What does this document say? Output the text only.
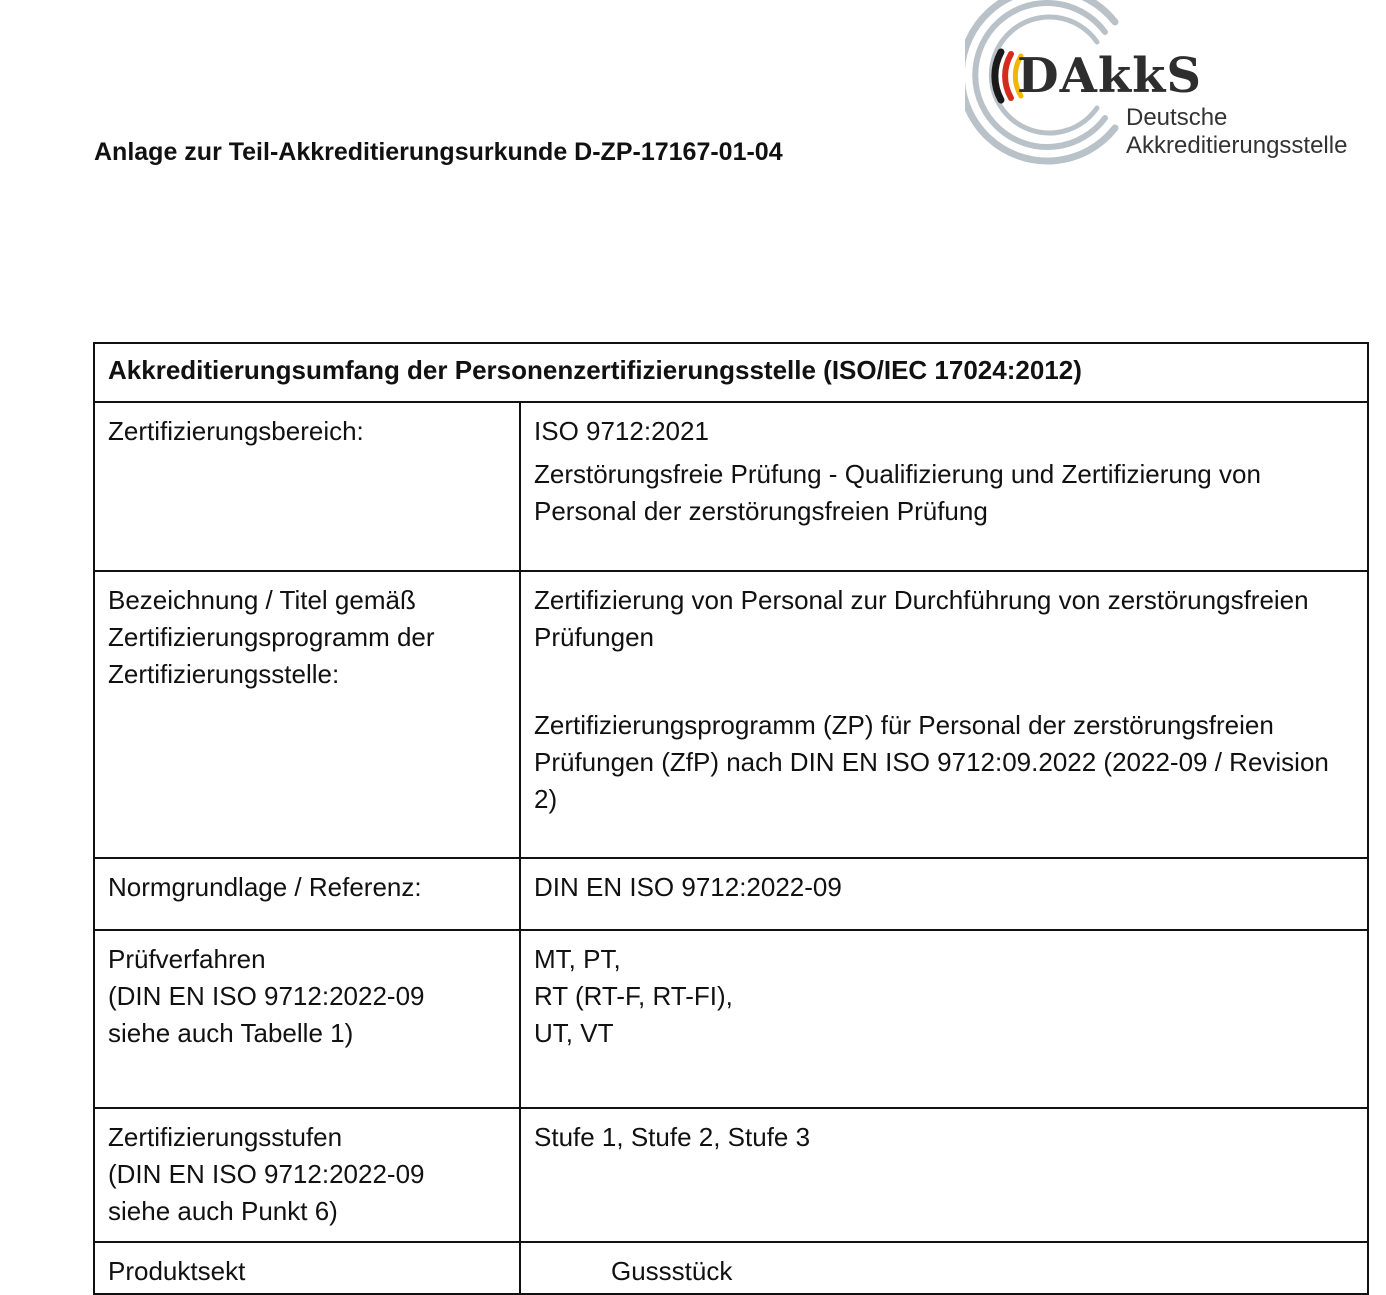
DAkkS
Deutsche
Akkreditierungsstelle
Anlage zur Teil-Akkreditierungsurkunde D-ZP-17167-01-04
Akkreditierungsumfang der Personenzertifizierungsstelle (ISO/IEC 17024:2012)	
Zertifizierungsbereich:	ISO 9712:2021
Zerstörungsfreie Prüfung - Qualifizierung und Zertifizierung von Personal der zerstörungsfreien Prüfung
Bezeichnung / Titel gemäß Zertifizierungsprogramm der Zertifizierungsstelle:	Zertifizierung von Personal zur Durchführung von zerstörungsfreien Prüfungen
Zertifizierungsprogramm (ZP) für Personal der zerstörungsfreien Prüfungen (ZfP) nach DIN EN ISO 9712:09.2022 (2022-09 / Revision 2)
Normgrundlage / Referenz:	DIN EN ISO 9712:2022-09
Prüfverfahren
(DIN EN ISO 9712:2022-09
siehe auch Tabelle 1)	MT, PT,
RT (RT-F, RT-FI),
UT, VT
Zertifizierungsstufen
(DIN EN ISO 9712:2022-09
siehe auch Punkt 6)	Stufe 1, Stufe 2, Stufe 3
Produktsekt	Gussstück
